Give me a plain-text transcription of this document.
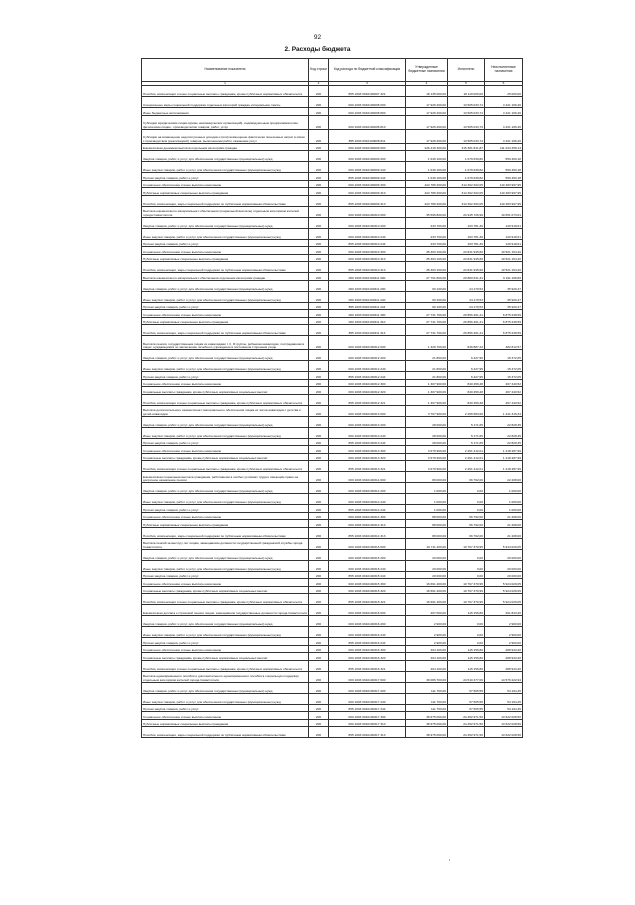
92
2. Расходы бюджета
Наименование показателя	Код строки	Код расхода по бюджетной классификации	Утвержденные бюджетные назначения	Исполнено	Неисполненные назначения
1	2	3	4	5	6
Пособия, компенсации и иные социальные выплаты гражданам, кроме публичных нормативных обязательств	200	855 1003 0910100007 321	18 135 000,00	18 110 000,00	25 000,00
Специальные меры социальной поддержки отдельных категорий граждан «Социальное такси»	200	000 1003 0910100008 000	17 926 200,00	13 505 033,74	4 421 166,26
Иные бюджетные ассигнования	200	000 1003 0910100008 800	17 926 200,00	13 505 033,74	4 421 166,26
Субсидии юридическим лицам (кроме некоммерческих организаций), индивидуальным предпринимателям, физическим лицам - производителям товаров, работ, услуг	200	000 1003 0910100008 810	17 926 200,00	13 505 033,74	4 421 166,26
Субсидии на возмещение недополученных доходов и (или) возмещение фактически понесенных затрат в связи с производством (реализацией) товаров, выполнением работ, оказанием услуг	200	855 1003 0910100008 811	17 926 200,00	13 505 033,74	4 421 166,26
Ежемесячная денежная выплата отдельным категориям граждан	200	000 1003 0910100009 000	426 416 300,00	315 381 841,87	111 034 458,13
Закупка товаров, работ и услуг для обеспечения государственных (муниципальных) нужд	200	000 1003 0910100009 200	1 630 100,00	1 079 639,82	550 460,18
Иные закупки товаров, работ и услуг для обеспечения государственных (муниципальных) нужд	200	000 1003 0910100009 240	1 630 100,00	1 079 639,82	550 460,18
Прочая закупка товаров, работ и услуг	200	855 1003 0910100009 244	1 630 100,00	1 079 639,82	550 460,18
Социальное обеспечение и иные выплаты населению	200	000 1003 0910100009 300	424 786 200,00	314 302 202,05	110 483 997,95
Публичные нормативные социальные выплаты гражданам	200	000 1003 0910100009 310	424 786 200,00	314 302 202,05	110 483 997,95
Пособия, компенсации, меры социальной поддержки по публичным нормативным обязательствам	200	855 1003 0910100009 313	424 786 200,00	314 302 202,05	110 483 997,95
Выплата ежемесячного материального обеспечения (социальной выплаты) отдельным категориям жителей города Севастополя	200	000 1003 0910100310 000	35 596 800,00	24 945 726,99	10 651 073,01
Закупка товаров, работ и услуг для обеспечения государственных (муниципальных) нужд	200	000 1003 0910100310 200	233 700,00	103 781,39	129 918,61
Иные закупки товаров, работ и услуг для обеспечения государственных (муниципальных) нужд	200	000 1003 0910100310 240	233 700,00	103 781,39	129 918,61
Прочая закупка товаров, работ и услуг	200	855 1003 0910100310 244	233 700,00	103 781,39	129 918,61
Социальное обеспечение и иные выплаты населению	200	000 1003 0910100310 300	35 363 100,00	24 841 945,60	10 521 154,40
Публичные нормативные социальные выплаты гражданам	200	000 1003 0910100310 310	35 363 100,00	24 841 945,60	10 521 154,40
Пособия, компенсации, меры социальной поддержки по публичным нормативным обязательствам	200	855 1003 0910100310 313	35 363 100,00	24 841 945,60	10 521 154,40
Выплата ежемесячного материального обеспечения отдельным категориям граждан	200	000 1003 0910100311 000	27 791 800,00	20 880 631,34	6 911 168,66
Закупка товаров, работ и услуг для обеспечения государственных (муниципальных) нужд	200	000 1003 0910100311 200	60 100,00	24 170,53	35 929,47
Иные закупки товаров, работ и услуг для обеспечения государственных (муниципальных) нужд	200	000 1003 0910100311 240	60 100,00	24 170,53	35 929,47
Прочая закупка товаров, работ и услуг	200	855 1003 0910100311 244	60 100,00	24 170,53	35 929,47
Социальное обеспечение и иные выплаты населению	200	000 1003 0910100311 300	27 731 700,00	20 856 461,41	6 875 238,59
Публичные нормативные социальные выплаты гражданам	200	000 1003 0910100311 310	27 731 700,00	20 856 461,41	6 875 238,59
Пособия, компенсации, меры социальной поддержки по публичным нормативным обязательствам	200	855 1003 0910100311 313	27 731 700,00	20 856 461,41	6 875 238,59
Выплата пенсии, государственным лицам из инвалидами I, II, III группы, ребенком-инвалидом, пострадавшим в лицах, нуждающимся по заключению лечебного учреждения в постоянном стороннем уходе	200	000 1003 0910100312 000	1 329 700,00	846 887,43	482 812,57
Закупка товаров, работ и услуг для обеспечения государственных (муниципальных) нужд	200	000 1003 0910100312 200	21 800,00	6 427,95	15 372,05
Иные закупки товаров, работ и услуг для обеспечения государственных (муниципальных) нужд	200	000 1003 0910100312 240	21 800,00	6 427,95	15 372,05
Прочая закупка товаров, работ и услуг	200	855 1003 0910100312 244	21 800,00	6 427,95	15 372,05
Социальное обеспечение и иные выплаты населению	200	000 1003 0910100312 300	1 307 900,00	840 459,48	467 440,52
Социальные выплаты гражданам, кроме публичных нормативных социальных выплат	200	000 1003 0910100312 320	1 307 900,00	840 459,48	467 440,52
Пособия, компенсации и иные социальные выплаты гражданам, кроме публичных нормативных обязательств	200	855 1003 0910100312 321	1 307 900,00	840 459,48	467 440,52
Выплата дополнительного ежемесячного материального обеспечения лицам из числа инвалидов с детства и детей-инвалидов	200	000 1003 0910100313 000	3 707 900,00	2 266 583,66	1 441 316,34
Закупка товаров, работ и услуг для обеспечения государственных (муниципальных) нужд	200	000 1003 0910100313 200	28 000,00	5 171,65	22 828,35
Иные закупки товаров, работ и услуг для обеспечения государственных (муниципальных) нужд	200	000 1003 0910100313 240	28 000,00	5 171,65	22 828,35
Прочая закупка товаров, работ и услуг	200	855 1003 0910100313 244	28 000,00	5 171,65	22 828,35
Социальное обеспечение и иные выплаты населению	200	000 1003 0910100313 300	3 679 900,00	2 261 412,01	1 418 487,99
Социальные выплаты гражданам, кроме публичных нормативных социальных выплат	200	000 1003 0910100313 320	3 679 900,00	2 261 412,01	1 418 487,99
Пособия, компенсации и иные социальные выплаты гражданам, кроме публичных нормативных обязательств	200	855 1003 0910100313 321	3 679 900,00	2 261 412,01	1 418 487,99
Ежемесячная социальная выплата гражданам, работавшим в особых условиях труда и имеющим право на досрочное назначение пенсии	200	000 1003 0910100314 000	89 000,00	66 792,00	22 208,00
Закупка товаров, работ и услуг для обеспечения государственных (муниципальных) нужд	200	000 1003 0910100314 200	1 000,00	0,00	1 000,00
Иные закупки товаров, работ и услуг для обеспечения государственных (муниципальных) нужд	200	000 1003 0910100314 240	1 000,00	0,00	1 000,00
Прочая закупка товаров, работ и услуг	200	855 1003 0910100314 244	1 000,00	0,00	1 000,00
Социальное обеспечение и иные выплаты населению	200	000 1003 0910100314 300	88 000,00	66 792,00	21 208,00
Публичные нормативные социальные выплаты гражданам	200	000 1003 0910100314 310	88 000,00	66 792,00	21 208,00
Пособия, компенсации, меры социальной поддержки по публичным нормативным обязательствам	200	855 1003 0910100314 313	88 000,00	66 792,00	21 208,00
Выплата пенсий за выслугу лет лицам, замещавшим должности государственной гражданской службы города Севастополя	200	000 1003 0910100315 000	16 711 400,00	10 767 370,95	5 944 029,05
Закупка товаров, работ и услуг для обеспечения государственных (муниципальных) нужд	200	000 1003 0910100315 200	20 000,00	0,00	20 000,00
Иные закупки товаров, работ и услуг для обеспечения государственных (муниципальных) нужд	200	000 1003 0910100315 240	20 000,00	0,00	20 000,00
Прочая закупка товаров, работ и услуг	200	855 1003 0910100315 244	20 000,00	0,00	20 000,00
Социальное обеспечение и иные выплаты населению	200	000 1003 0910100315 300	16 691 400,00	10 767 370,95	5 924 029,05
Социальные выплаты гражданам, кроме публичных нормативных социальных выплат	200	000 1003 0910100315 320	16 691 400,00	10 767 370,95	5 924 029,05
Пособия, компенсации и иные социальные выплаты гражданам, кроме публичных нормативных обязательств	200	855 1003 0910100315 321	16 691 400,00	10 767 370,95	5 924 029,05
Ежемесячная доплата к страховой пенсии лицам, замещавшим государственные должности города Севастополя	200	000 1003 0910100316 000	407 000,00	115 156,80	291 843,20
Закупка товаров, работ и услуг для обеспечения государственных (муниципальных) нужд	200	000 1003 0910100316 200	2 900,00	0,00	2 900,00
Иные закупки товаров, работ и услуг для обеспечения государственных (муниципальных) нужд	200	000 1003 0910100316 240	2 900,00	0,00	2 900,00
Прочая закупка товаров, работ и услуг	200	855 1003 0910100316 244	2 900,00	0,00	2 900,00
Социальное обеспечение и иные выплаты населению	200	000 1003 0910100316 300	404 100,00	115 156,80	288 943,20
Социальные выплаты гражданам, кроме публичных нормативных социальных выплат	200	000 1003 0910100316 320	404 100,00	115 156,80	288 943,20
Пособия, компенсации и иные социальные выплаты гражданам, кроме публичных нормативных обязательств	200	855 1003 0910100316 321	404 100,00	115 156,80	288 943,20
Выплата единовременного пособия и дополнительного единовременного пособия в социальную поддержку отдельным категориям жителей города Севастополя	200	000 1003 0910100317 000	39 086 700,00	24 510 477,06	14 576 222,94
Закупка товаров, работ и услуг для обеспечения государственных (муниципальных) нужд	200	000 1003 0910100317 200	111 700,00	57 505,55	54 194,45
Иные закупки товаров, работ и услуг для обеспечения государственных (муниципальных) нужд	200	000 1003 0910100317 240	111 700,00	57 505,55	54 194,45
Прочая закупка товаров, работ и услуг	200	855 1003 0910100317 244	111 700,00	57 505,55	54 194,45
Социальное обеспечение и иные выплаты населению	200	000 1003 0910100317 300	38 975 000,00	24 452 971,50	14 522 028,50
Публичные нормативные социальные выплаты гражданам	200	000 1003 0910100317 310	38 975 000,00	24 452 971,50	14 522 028,50
Пособия, компенсации, меры социальной поддержки по публичным нормативным обязательствам	200	855 1003 0910100317 313	38 975 000,00	24 452 971,50	14 522 028,50
ı
